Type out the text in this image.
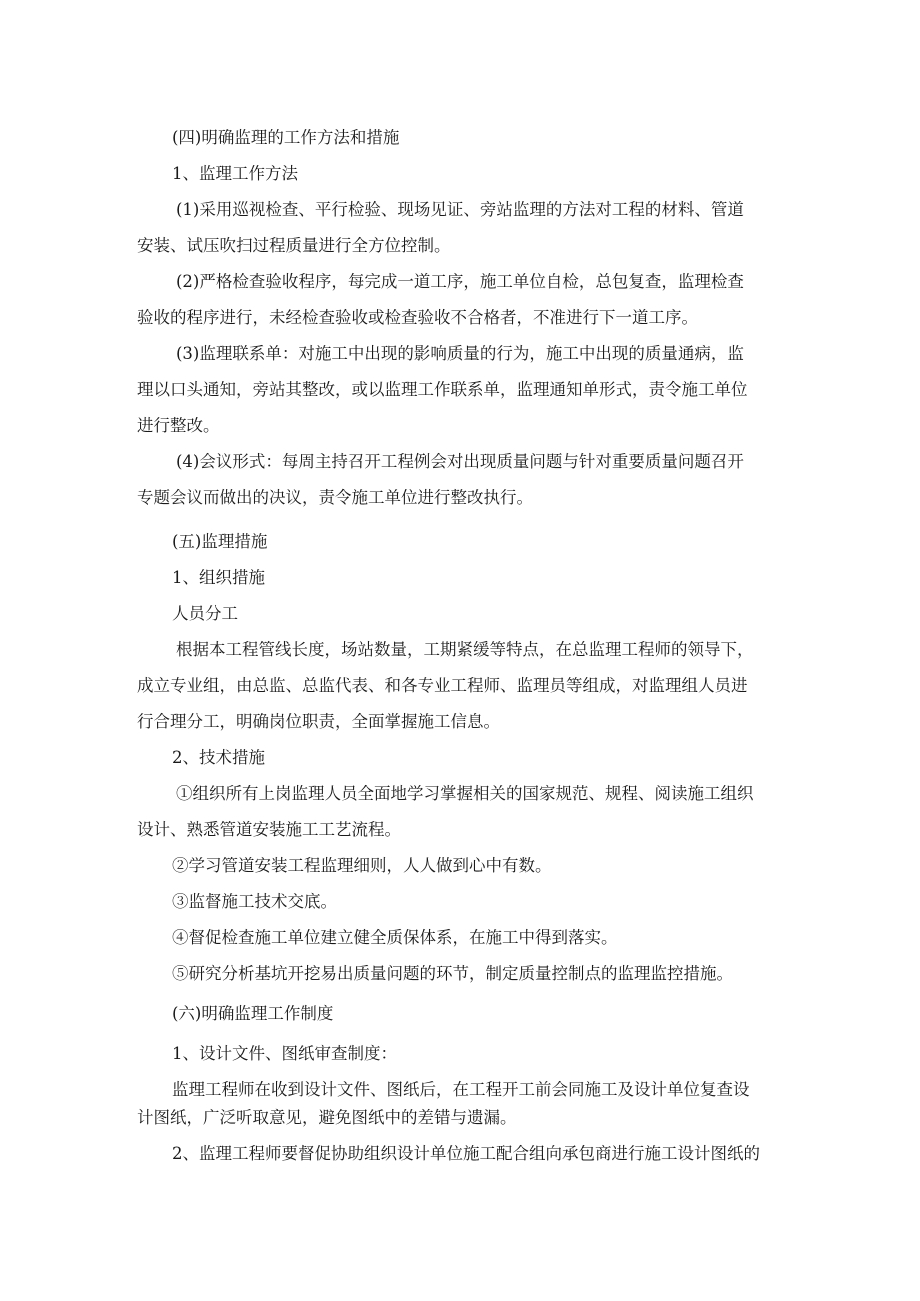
(四)明确监理的工作方法和措施

1、监理工作方法

(1)采用巡视检查、平行检验、现场见证、旁站监理的方法对工程的材料、管道
安装、试压吹扫过程质量进行全方位控制。

(2)严格检查验收程序，每完成一道工序，施工单位自检，总包复查，监理检查
验收的程序进行，未经检查验收或检查验收不合格者，不准进行下一道工序。

(3)监理联系单：对施工中出现的影响质量的行为，施工中出现的质量通病，监
理以口头通知，旁站其整改，或以监理工作联系单，监理通知单形式，责令施工单位
进行整改。

(4)会议形式：每周主持召开工程例会对出现质量问题与针对重要质量问题召开
专题会议而做出的决议，责令施工单位进行整改执行。

(五)监理措施

1、组织措施

人员分工

根据本工程管线长度，场站数量，工期紧缓等特点，在总监理工程师的领导下，
成立专业组，由总监、总监代表、和各专业工程师、监理员等组成，对监理组人员进
行合理分工，明确岗位职责，全面掌握施工信息。

2、技术措施

①组织所有上岗监理人员全面地学习掌握相关的国家规范、规程、阅读施工组织
设计、熟悉管道安装施工工艺流程。

②学习管道安装工程监理细则，人人做到心中有数。

③监督施工技术交底。

④督促检查施工单位建立健全质保体系，在施工中得到落实。

⑤研究分析基坑开挖易出质量问题的环节，制定质量控制点的监理监控措施。

(六)明确监理工作制度

1、设计文件、图纸审查制度：

监理工程师在收到设计文件、图纸后，在工程开工前会同施工及设计单位复查设
计图纸，广泛听取意见，避免图纸中的差错与遗漏。

2、监理工程师要督促协助组织设计单位施工配合组向承包商进行施工设计图纸的
